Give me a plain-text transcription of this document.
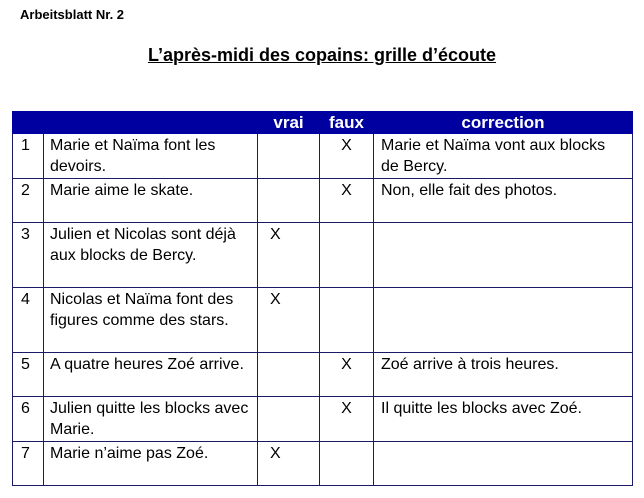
Arbeitsblatt Nr. 2
L’après-midi des copains: grille d’écoute
		vrai	faux	correction
1	Marie et Naïma font les devoirs.		X	Marie et Naïma vont aux blocks de Bercy.
2	Marie aime le skate.		X	Non, elle fait des photos.
3	Julien et Nicolas sont déjà aux blocks de Bercy.	X		
4	Nicolas et Naïma font des figures comme des stars.	X		
5	A quatre heures Zoé arrive.		X	Zoé arrive à trois heures.
6	Julien quitte les blocks avec Marie.		X	Il quitte les blocks avec Zoé.
7	Marie n’aime pas Zoé.	X		
